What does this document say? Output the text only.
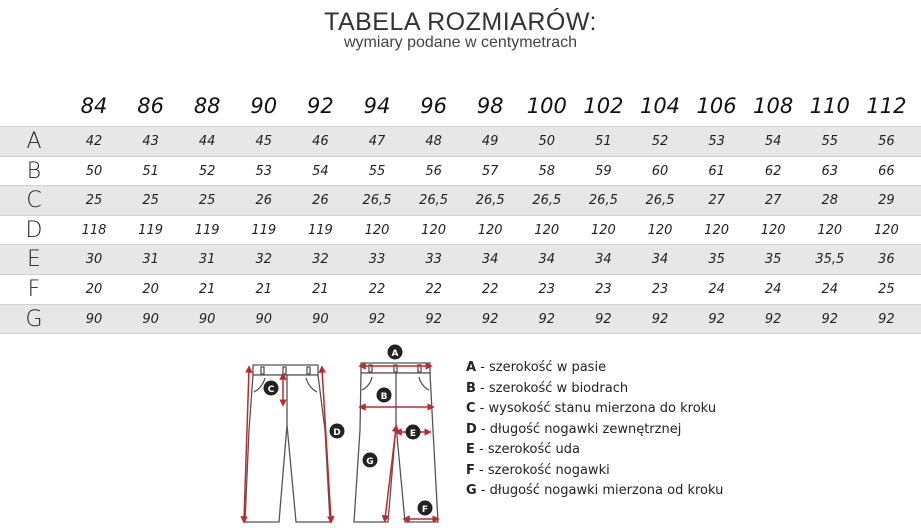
TABELA ROZMIARÓW:
wymiary podane w centymetrach
84	86	88	90	92	94	96	98	100 102 104 106 108 110 112
A	42	43	44	45	46	47	48	49	50	51	52	53	54	55	56
B	50	51	52	53	54	55	56	57	58	59	60	61	62	63	66
C	25	25	25	26	26	26,5	26,5	26,5	26,5	26,5	26,5	27	27	28	29
D	118	119	119	119	119	120	120	120	120	120	120	120	120	120	120
E	30	31	31	32	32	33	33	34	34	34	34	35	35	35,5	36
F	20	20	21	21	21	22	22	22	23	23	23	24	24	24	25
G	90	90	90	90	90	92	92	92	92	92	92	92	92	92	92
C
D
A
B
E
G
F
A - szerokość w pasie
B - szerokość w biodrach
C - wysokość stanu mierzona do kroku
D - długość nogawki zewnętrznej
E - szerokość uda
F - szerokość nogawki
G - długość nogawki mierzona od kroku
